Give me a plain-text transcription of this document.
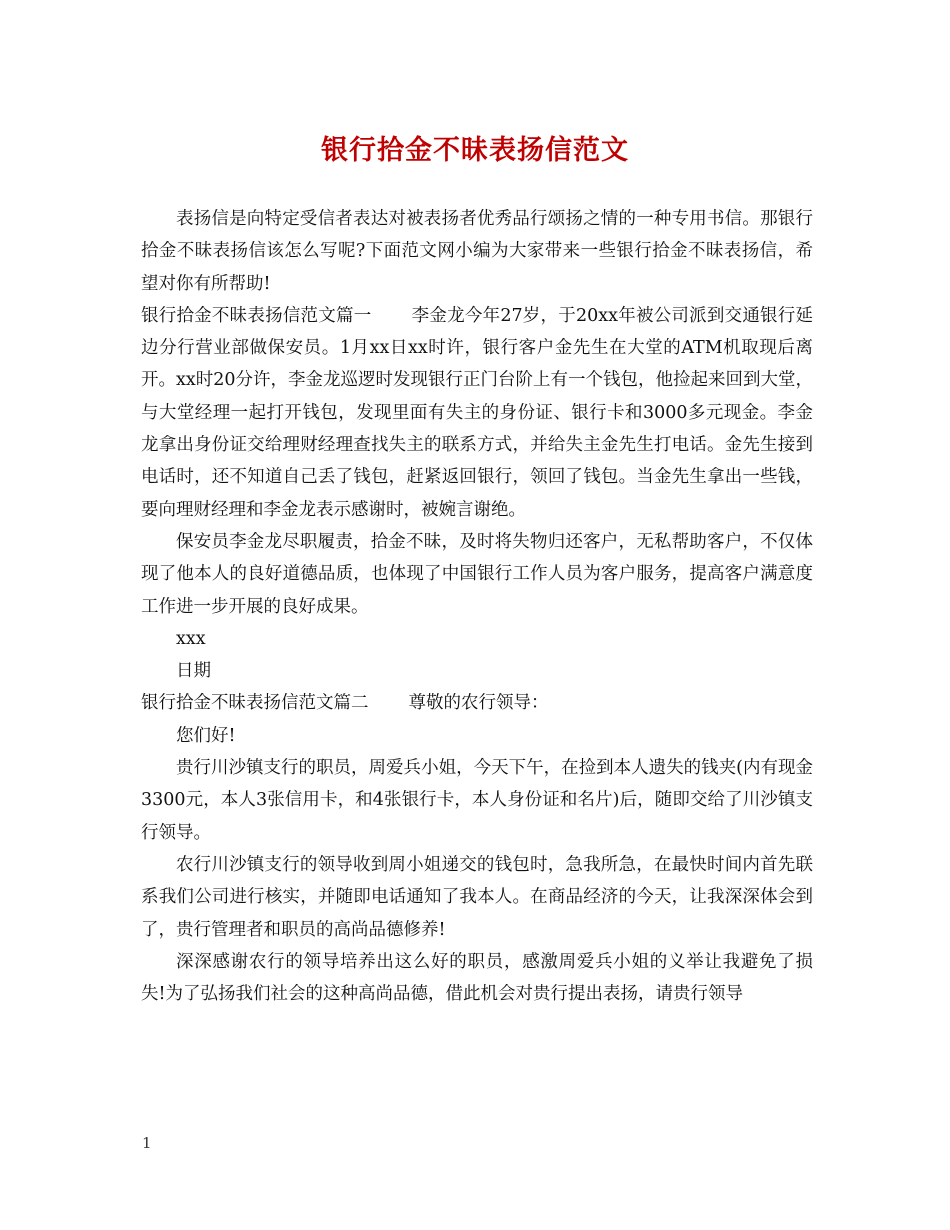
银行拾金不昧表扬信范文

表扬信是向特定受信者表达对被表扬者优秀品行颂扬之情的一种专用书信。那银行拾金不昧表扬信该怎么写呢?下面范文网小编为大家带来一些银行拾金不昧表扬信，希望对你有所帮助!

银行拾金不昧表扬信范文篇一 李金龙今年27岁，于20xx年被公司派到交通银行延边分行营业部做保安员。1月xx日xx时许，银行客户金先生在大堂的ATM机取现后离开。xx时20分许，李金龙巡逻时发现银行正门台阶上有一个钱包，他捡起来回到大堂，与大堂经理一起打开钱包，发现里面有失主的身份证、银行卡和3000多元现金。李金龙拿出身份证交给理财经理查找失主的联系方式，并给失主金先生打电话。金先生接到电话时，还不知道自己丢了钱包，赶紧返回银行，领回了钱包。当金先生拿出一些钱，要向理财经理和李金龙表示感谢时，被婉言谢绝。

保安员李金龙尽职履责，拾金不昧，及时将失物归还客户，无私帮助客户，不仅体现了他本人的良好道德品质，也体现了中国银行工作人员为客户服务，提高客户满意度工作进一步开展的良好成果。

xxx

日期

银行拾金不昧表扬信范文篇二 尊敬的农行领导：

您们好!

贵行川沙镇支行的职员，周爱兵小姐，今天下午，在捡到本人遗失的钱夹(内有现金3300元，本人3张信用卡，和4张银行卡，本人身份证和名片)后，随即交给了川沙镇支行领导。

农行川沙镇支行的领导收到周小姐递交的钱包时，急我所急，在最快时间内首先联系我们公司进行核实，并随即电话通知了我本人。在商品经济的今天，让我深深体会到了，贵行管理者和职员的高尚品德修养!

深深感谢农行的领导培养出这么好的职员，感激周爱兵小姐的义举让我避免了损失!为了弘扬我们社会的这种高尚品德，借此机会对贵行提出表扬，请贵行领导

1
